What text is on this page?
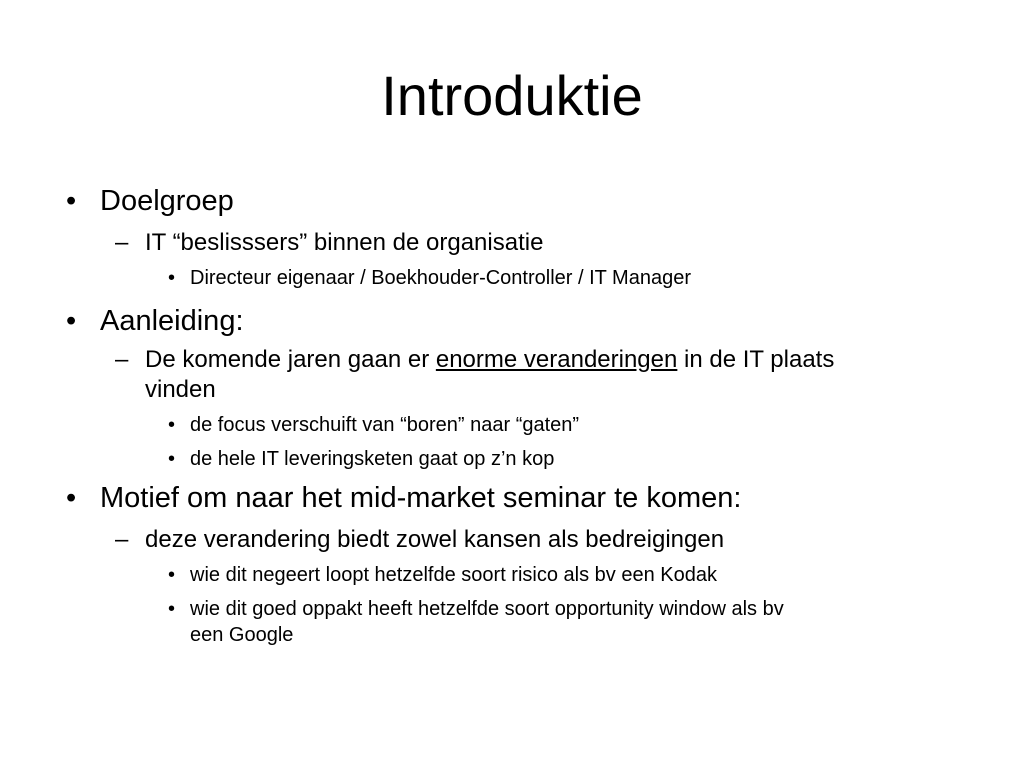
Introduktie
• Doelgroep
– IT “beslisssers” binnen de organisatie
• Directeur eigenaar / Boekhouder-Controller / IT Manager
• Aanleiding:
– De komende jaren gaan er enorme veranderingen in de IT plaats
vinden
• de focus verschuift van “boren” naar “gaten”
• de hele IT leveringsketen gaat op z’n kop
• Motief om naar het mid-market seminar te komen:
– deze verandering biedt zowel kansen als bedreigingen
• wie dit negeert loopt hetzelfde soort risico als bv een Kodak
• wie dit goed oppakt heeft hetzelfde soort opportunity window als bv
een Google
